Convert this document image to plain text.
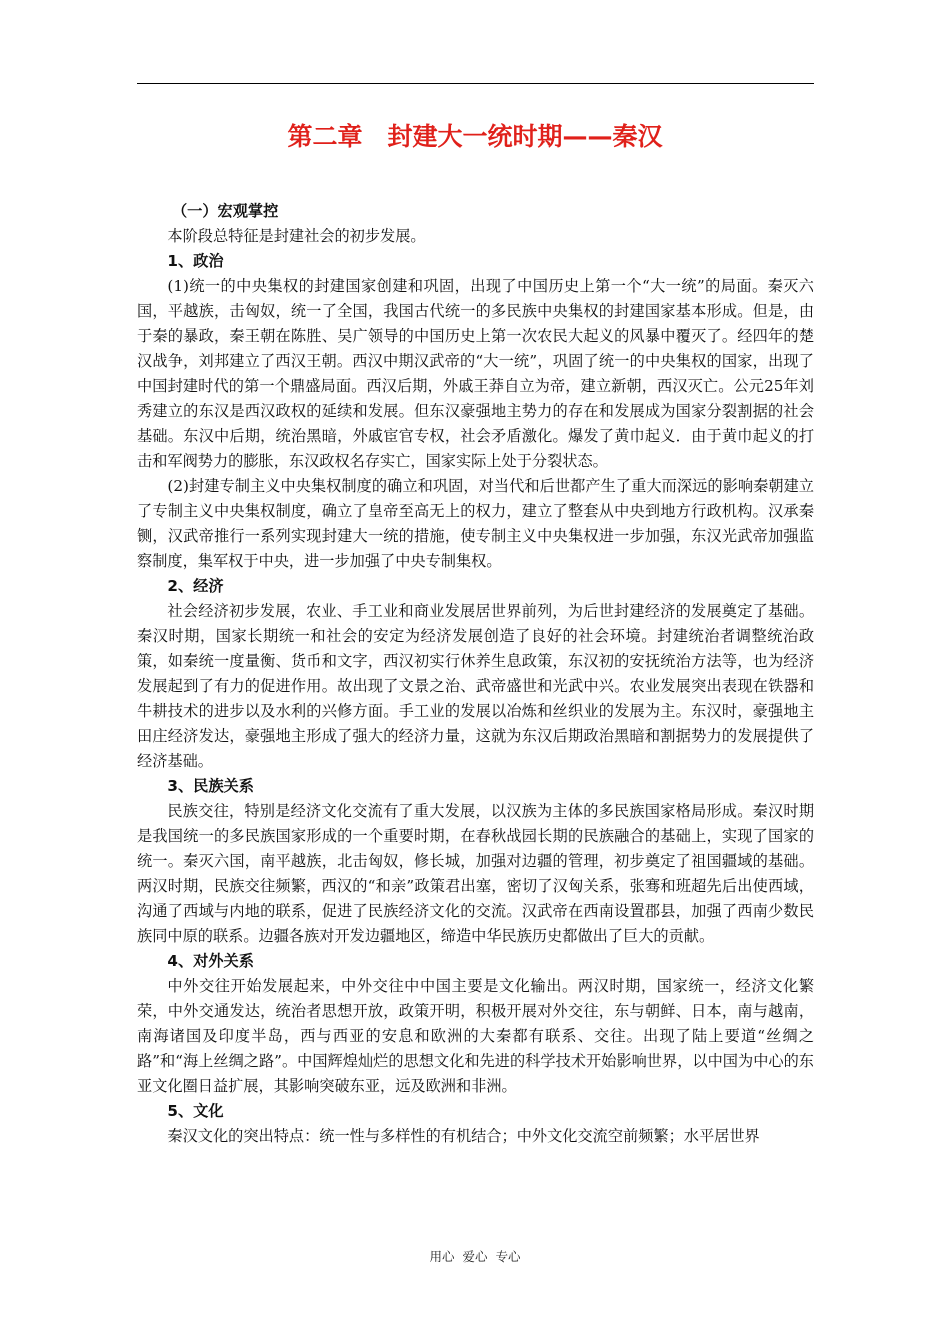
第二章　封建大一统时期——秦汉
（一）宏观掌控

本阶段总特征是封建社会的初步发展。

1、政治

(1)统一的中央集权的封建国家创建和巩固，出现了中国历史上第一个“大一统”的局面。秦灭六国，平越族，击匈奴，统一了全国，我国古代统一的多民族中央集权的封建国家基本形成。但是，由于秦的暴政，秦王朝在陈胜、吴广领导的中国历史上第一次农民大起义的风暴中覆灭了。经四年的楚汉战争，刘邦建立了西汉王朝。西汉中期汉武帝的“大一统”，巩固了统一的中央集权的国家，出现了中国封建时代的第一个鼎盛局面。西汉后期，外戚王莽自立为帝，建立新朝，西汉灭亡。公元25年刘秀建立的东汉是西汉政权的延续和发展。但东汉豪强地主势力的存在和发展成为国家分裂割据的社会基础。东汉中后期，统治黑暗，外戚宦官专权，社会矛盾激化。爆发了黄巾起义．由于黄巾起义的打击和军阀势力的膨胀，东汉政权名存实亡，国家实际上处于分裂状态。

(2)封建专制主义中央集权制度的确立和巩固，对当代和后世都产生了重大而深远的影响秦朝建立了专制主义中央集权制度，确立了皇帝至高无上的权力，建立了整套从中央到地方行政机构。汉承秦铡，汉武帝推行一系列实现封建大一统的措施，使专制主义中央集权进一步加强，东汉光武帝加强监察制度，集军权于中央，进一步加强了中央专制集权。

2、经济

社会经济初步发展，农业、手工业和商业发展居世界前列，为后世封建经济的发展奠定了基础。秦汉时期，国家长期统一和社会的安定为经济发展创造了良好的社会环境。封建统治者调整统治政策，如秦统一度量衡、货币和文字，西汉初实行休养生息政策，东汉初的安抚统治方法等，也为经济发展起到了有力的促进作用。故出现了文景之治、武帝盛世和光武中兴。农业发展突出表现在铁器和牛耕技术的进步以及水利的兴修方面。手工业的发展以冶炼和丝织业的发展为主。东汉时，豪强地主田庄经济发达，豪强地主形成了强大的经济力量，这就为东汉后期政治黑暗和割据势力的发展提供了经济基础。

3、民族关系

民族交往，特别是经济文化交流有了重大发展，以汉族为主体的多民族国家格局形成。秦汉时期是我国统一的多民族国家形成的一个重要时期，在春秋战园长期的民族融合的基础上，实现了国家的统一。秦灭六国，南平越族，北击匈奴，修长城，加强对边疆的管理，初步奠定了祖国疆域的基础。两汉时期，民族交往频繁，西汉的“和亲”政策君出塞，密切了汉匈关系，张骞和班超先后出使西域，沟通了西域与内地的联系，促进了民族经济文化的交流。汉武帝在西南设置郡县，加强了西南少数民族同中原的联系。边疆各族对开发边疆地区，缔造中华民族历史都做出了巨大的贡献。

4、对外关系

中外交往开始发展起来，中外交往中中国主要是文化输出。两汉时期，国家统一，经济文化繁荣，中外交通发达，统治者思想开放，政策开明，积极开展对外交往，东与朝鲜、日本，南与越南，南海诸国及印度半岛，西与西亚的安息和欧洲的大秦都有联系、交往。出现了陆上要道“丝绸之路”和“海上丝绸之路”。中国辉煌灿烂的思想文化和先进的科学技术开始影响世界，以中国为中心的东亚文化圈日益扩展，其影响突破东亚，远及欧洲和非洲。

5、文化

秦汉文化的突出特点：统一性与多样性的有机结合；中外文化交流空前频繁；水平居世界

用心  爱心  专心
